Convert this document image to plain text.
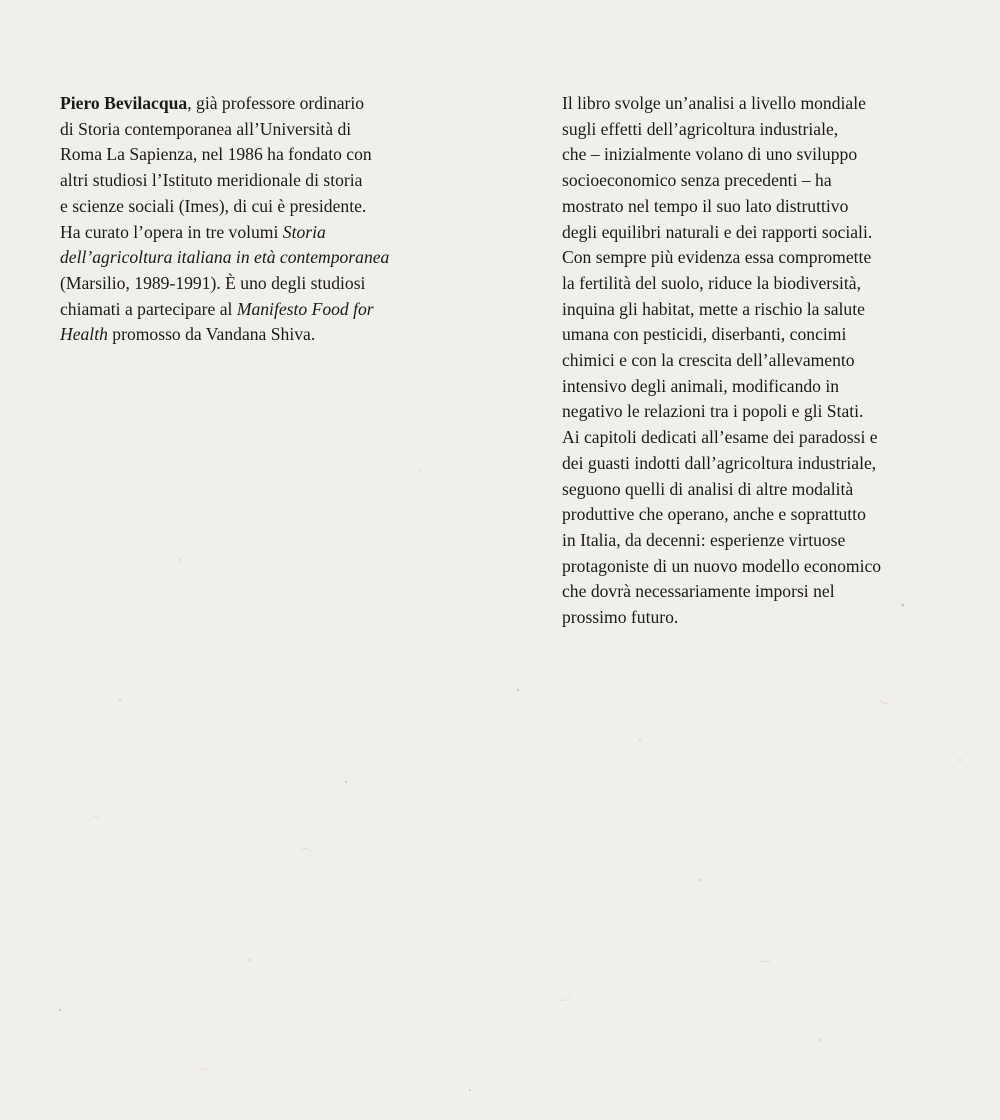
Piero Bevilacqua, già professore ordinario
di Storia contemporanea all’Università di
Roma La Sapienza, nel 1986 ha fondato con
altri studiosi l’Istituto meridionale di storia
e scienze sociali (Imes), di cui è presidente.
Ha curato l’opera in tre volumi Storia
dell’agricoltura italiana in età contemporanea
(Marsilio, 1989-1991). È uno degli studiosi
chiamati a partecipare al Manifesto Food for
Health promosso da Vandana Shiva.
Il libro svolge un’analisi a livello mondiale
sugli effetti dell’agricoltura industriale,
che – inizialmente volano di uno sviluppo
socioeconomico senza precedenti – ha
mostrato nel tempo il suo lato distruttivo
degli equilibri naturali e dei rapporti sociali.
Con sempre più evidenza essa compromette
la fertilità del suolo, riduce la biodiversità,
inquina gli habitat, mette a rischio la salute
umana con pesticidi, diserbanti, concimi
chimici e con la crescita dell’allevamento
intensivo degli animali, modificando in
negativo le relazioni tra i popoli e gli Stati.
Ai capitoli dedicati all’esame dei paradossi e
dei guasti indotti dall’agricoltura industriale,
seguono quelli di analisi di altre modalità
produttive che operano, anche e soprattutto
in Italia, da decenni: esperienze virtuose
protagoniste di un nuovo modello economico
che dovrà necessariamente imporsi nel
prossimo futuro.
